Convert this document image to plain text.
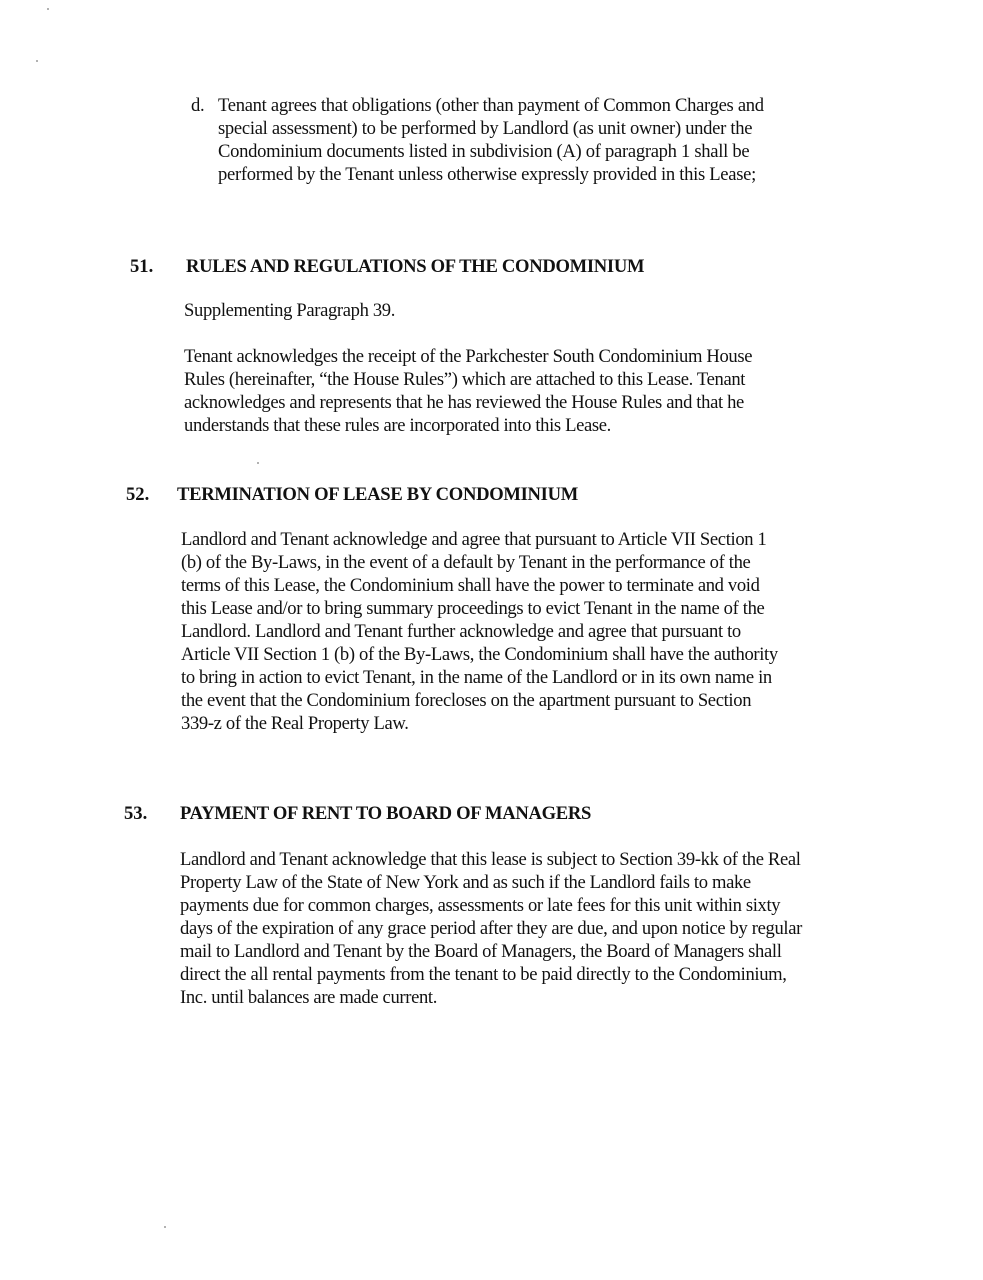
d. Tenant agrees that obligations (other than payment of Common Charges and special assessment) to be performed by Landlord (as unit owner) under the Condominium documents listed in subdivision (A) of paragraph 1 shall be performed by the Tenant unless otherwise expressly provided in this Lease;
51. RULES AND REGULATIONS OF THE CONDOMINIUM
Supplementing Paragraph 39.
Tenant acknowledges the receipt of the Parkchester South Condominium House Rules (hereinafter, “the House Rules”) which are attached to this Lease. Tenant acknowledges and represents that he has reviewed the House Rules and that he understands that these rules are incorporated into this Lease.
52. TERMINATION OF LEASE BY CONDOMINIUM
Landlord and Tenant acknowledge and agree that pursuant to Article VII Section 1 (b) of the By-Laws, in the event of a default by Tenant in the performance of the terms of this Lease, the Condominium shall have the power to terminate and void this Lease and/or to bring summary proceedings to evict Tenant in the name of the Landlord. Landlord and Tenant further acknowledge and agree that pursuant to Article VII Section 1 (b) of the By-Laws, the Condominium shall have the authority to bring in action to evict Tenant, in the name of the Landlord or in its own name in the event that the Condominium forecloses on the apartment pursuant to Section 339-z of the Real Property Law.
53. PAYMENT OF RENT TO BOARD OF MANAGERS
Landlord and Tenant acknowledge that this lease is subject to Section 39-kk of the Real Property Law of the State of New York and as such if the Landlord fails to make payments due for common charges, assessments or late fees for this unit within sixty days of the expiration of any grace period after they are due, and upon notice by regular mail to Landlord and Tenant by the Board of Managers, the Board of Managers shall direct the all rental payments from the tenant to be paid directly to the Condominium, Inc. until balances are made current.
